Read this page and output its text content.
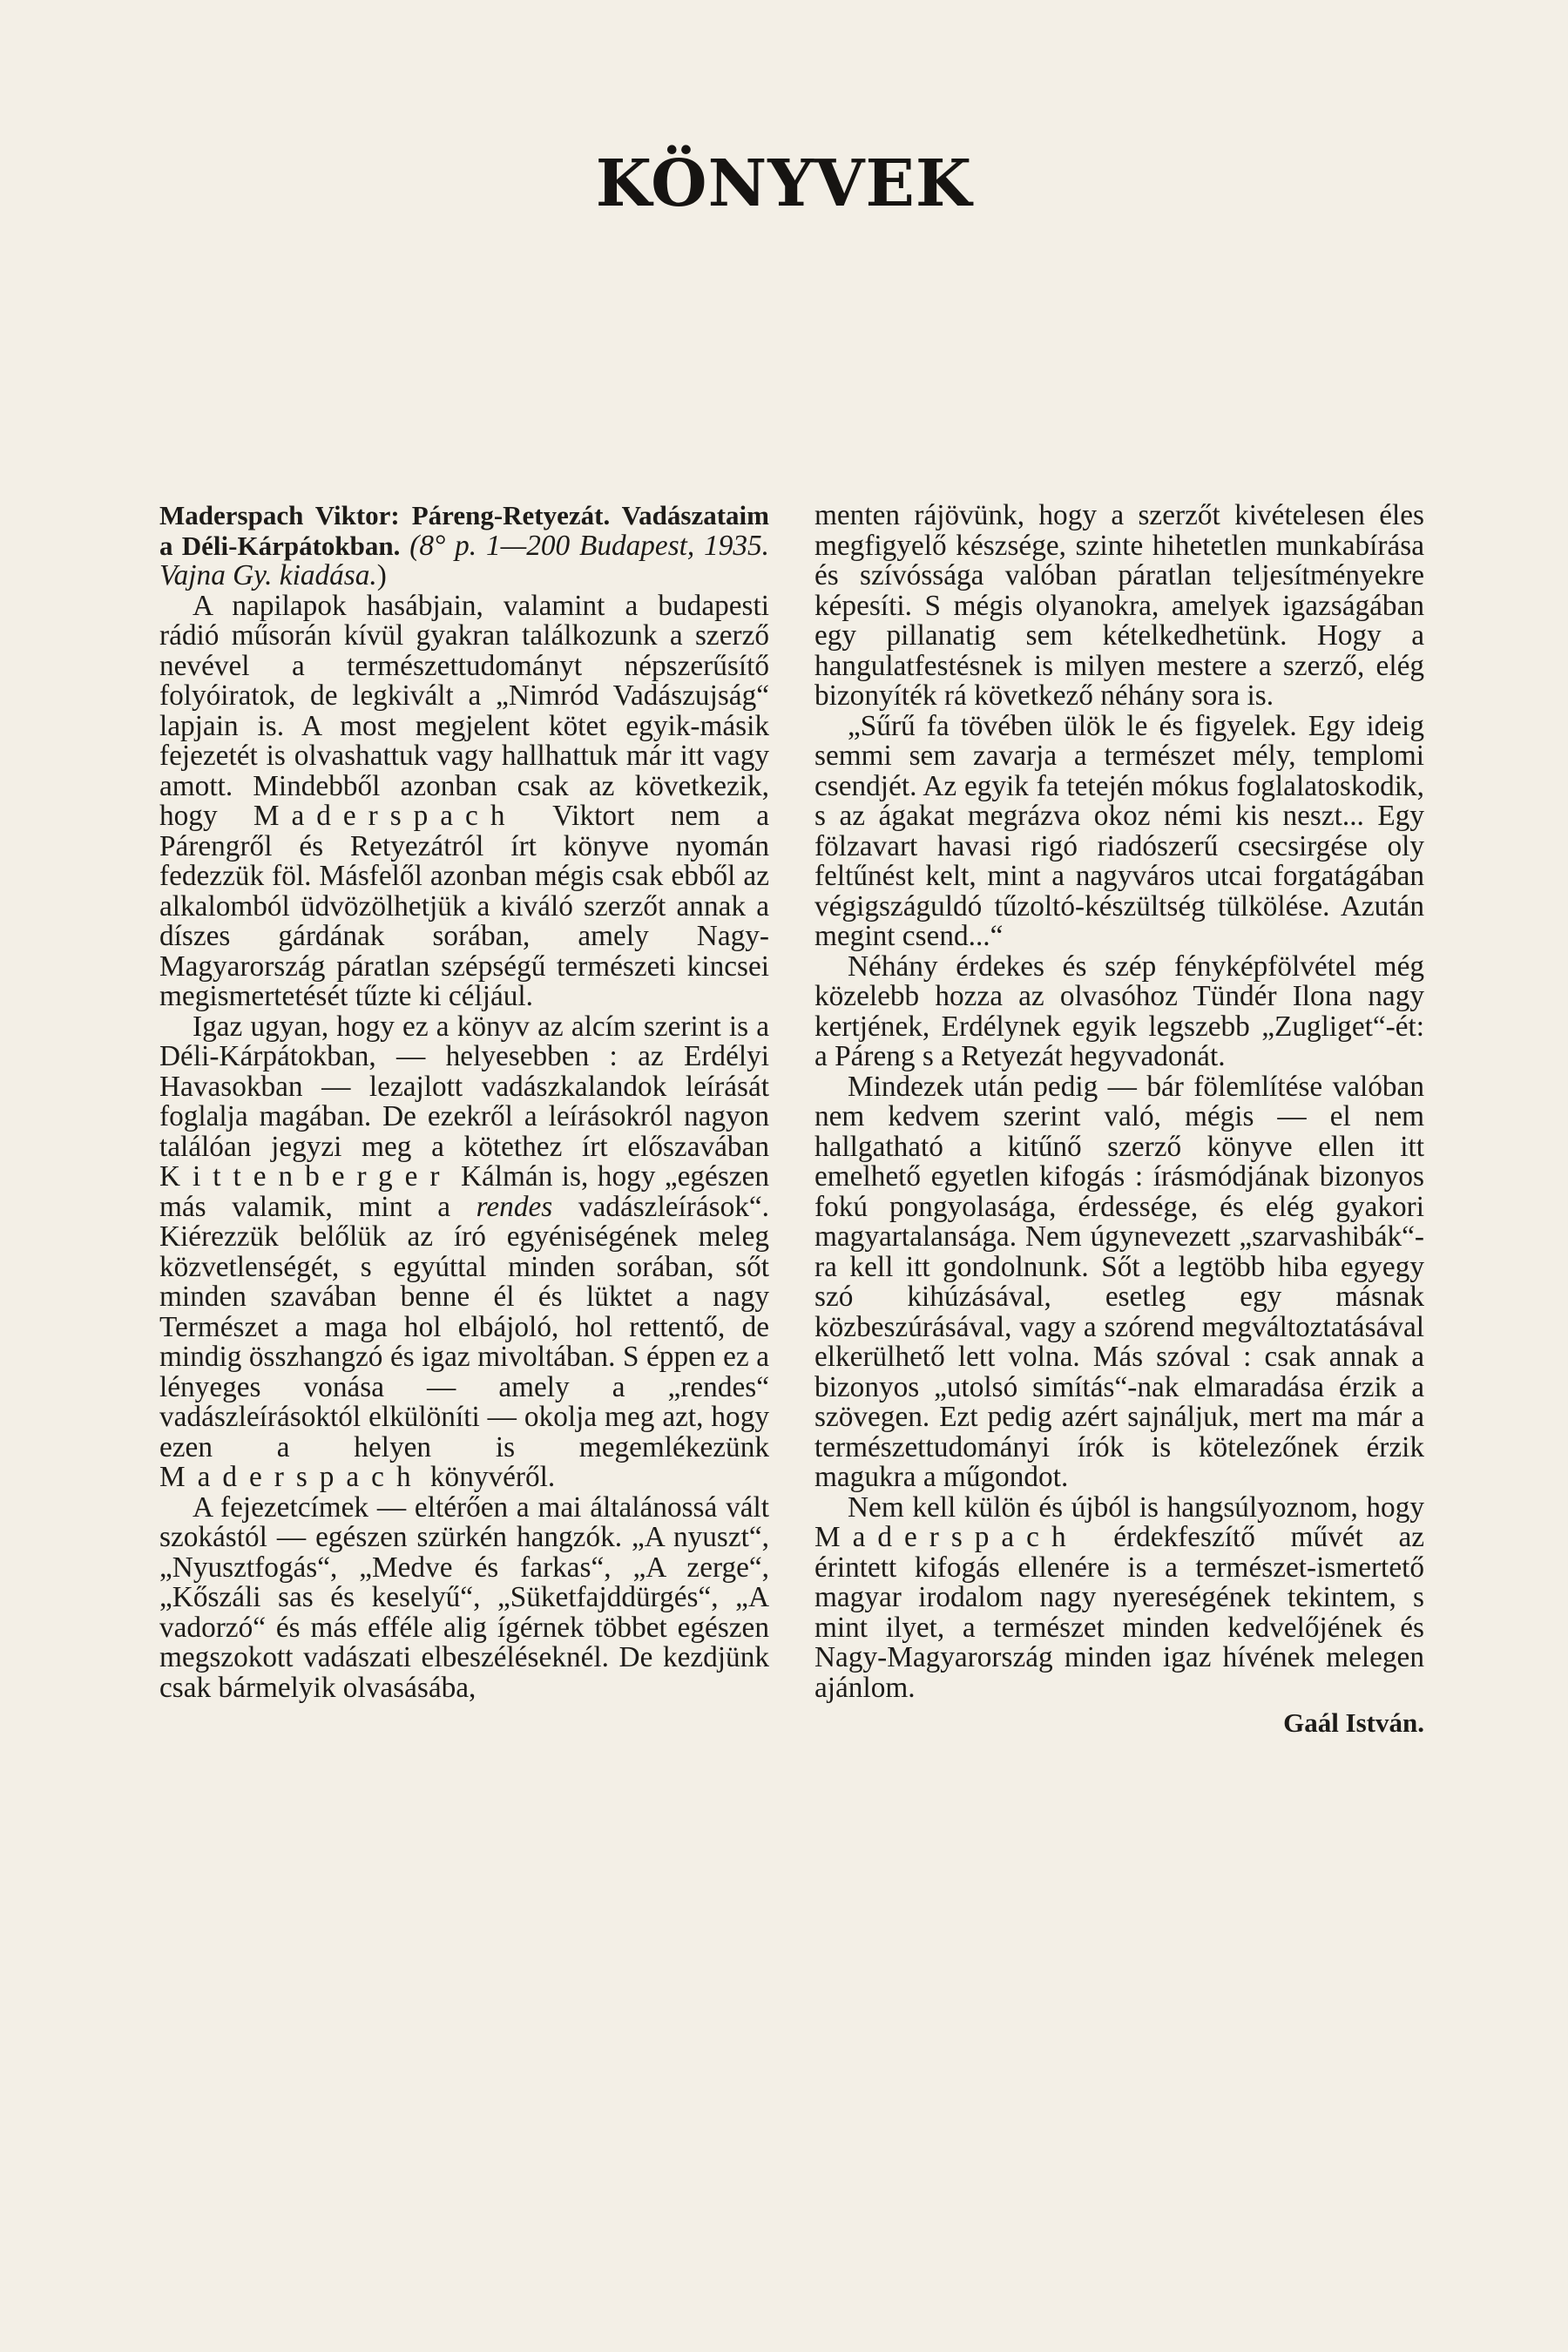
KÖNYVEK

Maderspach Viktor: Páreng-Retyezát. Vadászataim a Déli-Kárpátokban. (8° p. 1—200 Budapest, 1935. Vajna Gy. kiadása.)

A napilapok hasábjain, valamint a budapesti rádió műsorán kívül gyakran találkozunk a szerző nevével a természettudományt népszerűsítő folyóiratok, de legkivált a „Nimród Vadászujság“ lapjain is. A most megjelent kötet egyik-másik fejezetét is olvashattuk vagy hallhattuk már itt vagy amott. Mindebből azonban csak az következik, hogy Maderspach Viktort nem a Párengről és Retyezátról írt könyve nyomán fedezzük föl. Másfelől azonban mégis csak ebből az alkalomból üdvözölhetjük a kiváló szerzőt annak a díszes gárdának sorában, amely Nagy-Magyarország páratlan szépségű természeti kincsei megismertetését tűzte ki céljául.

Igaz ugyan, hogy ez a könyv az alcím szerint is a Déli-Kárpátokban, — helyesebben : az Erdélyi Havasokban — lezajlott vadászkalandok leírását foglalja magában. De ezekről a leírásokról nagyon találóan jegyzi meg a kötethez írt előszavában Kittenberger Kálmán is, hogy „egészen más valamik, mint a rendes vadászleírások“. Kiérezzük belőlük az író egyéniségének meleg közvetlenségét, s egyúttal minden sorában, sőt minden szavában benne él és lüktet a nagy Természet a maga hol elbájoló, hol rettentő, de mindig összhangzó és igaz mivoltában. S éppen ez a lényeges vonása — amely a „rendes“ vadászleírásoktól elkülöníti — okolja meg azt, hogy ezen a helyen is megemlékezünk Maderspach könyvéről.

A fejezetcímek — eltérően a mai általánossá vált szokástól — egészen szürkén hangzók. „A nyuszt“, „Nyusztfogás“, „Medve és farkas“, „A zerge“, „Kőszáli sas és keselyű“, „Süketfajddürgés“, „A vadorzó“ és más efféle alig ígérnek többet egészen megszokott vadászati elbeszéléseknél. De kezdjünk csak bármelyik olvasásába,

menten rájövünk, hogy a szerzőt kivételesen éles megfigyelő készsége, szinte hihetetlen munkabírása és szívóssága valóban páratlan teljesítményekre képesíti. S mégis olyanokra, amelyek igazságában egy pillanatig sem kételkedhetünk. Hogy a hangulatfestésnek is milyen mestere a szerző, elég bizonyíték rá következő néhány sora is.

„Sűrű fa tövében ülök le és figyelek. Egy ideig semmi sem zavarja a természet mély, templomi csendjét. Az egyik fa tetején mókus foglalatoskodik, s az ágakat megrázva okoz némi kis neszt... Egy fölzavart havasi rigó riadószerű csecsirgése oly feltűnést kelt, mint a nagyváros utcai forgatágában végigszáguldó tűzoltó-készültség tülkölése. Azután megint csend...“

Néhány érdekes és szép fényképfölvétel még közelebb hozza az olvasóhoz Tündér Ilona nagy kertjének, Erdélynek egyik legszebb „Zugliget“-ét: a Páreng s a Retyezát hegyvadonát.

Mindezek után pedig — bár fölemlítése valóban nem kedvem szerint való, mégis — el nem hallgatható a kitűnő szerző könyve ellen itt emelhető egyetlen kifogás : írásmódjának bizonyos fokú pongyolasága, érdessége, és elég gyakori magyartalansága. Nem úgynevezett „szarvashibák“-ra kell itt gondolnunk. Sőt a legtöbb hiba egyegy szó kihúzásával, esetleg egy másnak közbeszúrásával, vagy a szórend megváltoztatásával elkerülhető lett volna. Más szóval : csak annak a bizonyos „utolsó simítás“-nak elmaradása érzik a szövegen. Ezt pedig azért sajnáljuk, mert ma már a természettudományi írók is kötelezőnek érzik magukra a műgondot.

Nem kell külön és újból is hangsúlyoznom, hogy Maderspach érdekfeszítő művét az érintett kifogás ellenére is a természet-ismertető magyar irodalom nagy nyereségének tekintem, s mint ilyet, a természet minden kedvelőjének és Nagy-Magyarország minden igaz hívének melegen ajánlom.

Gaál István.
